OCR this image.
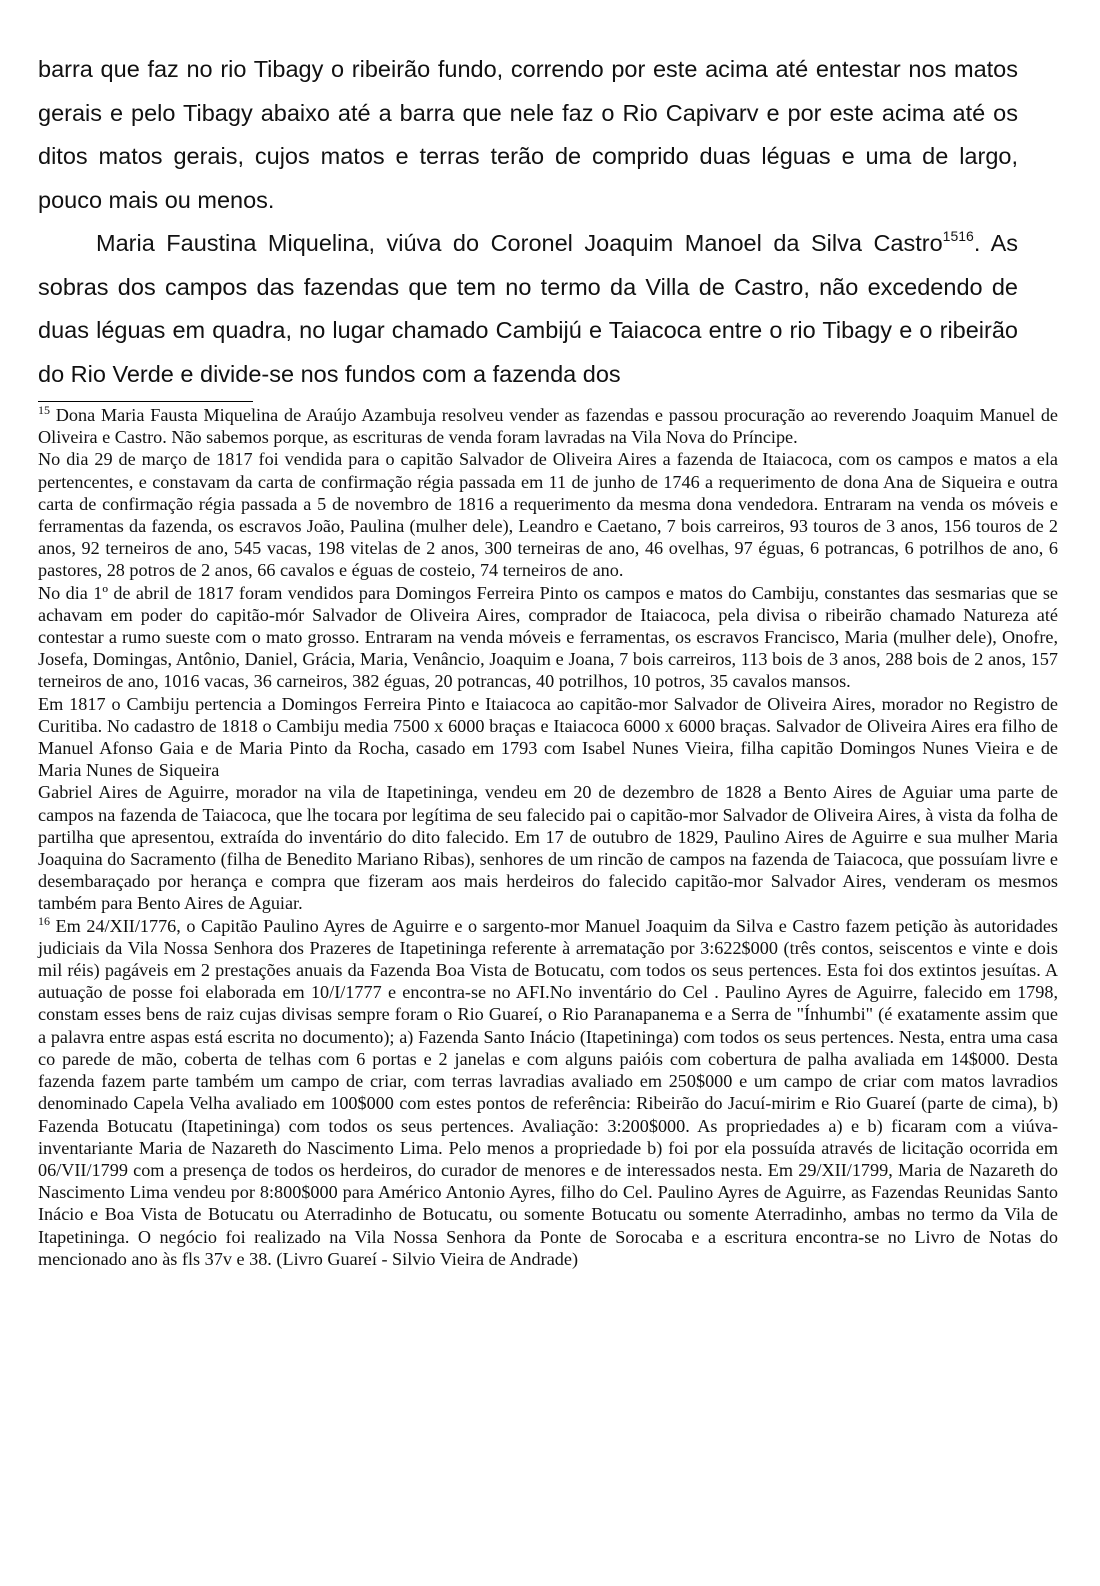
barra que faz no rio Tibagy o ribeirão fundo, correndo por este acima até entestar nos matos gerais e pelo Tibagy abaixo até a barra que nele faz o Rio Capivarv e por este acima até os ditos matos gerais, cujos matos e terras terão de comprido duas léguas e uma de largo, pouco mais ou menos.

Maria Faustina Miquelina, viúva do Coronel Joaquim Manoel da Silva Castro$^{1516}$. As sobras dos campos das fazendas que tem no termo da Villa de Castro, não excedendo de duas léguas em quadra, no lugar chamado Cambijú e Taiacoca entre o rio Tibagy e o ribeirão do Rio Verde e divide-se nos fundos com a fazenda dos

$^{15}$ Dona Maria Fausta Miquelina de Araújo Azambuja resolveu vender as fazendas e passou procuração ao reverendo Joaquim Manuel de Oliveira e Castro. Não sabemos porque, as escrituras de venda foram lavradas na Vila Nova do Príncipe.

No dia 29 de março de 1817 foi vendida para o capitão Salvador de Oliveira Aires a fazenda de Itaiacoca, com os campos e matos a ela pertencentes, e constavam da carta de confirmação régia passada em 11 de junho de 1746 a requerimento de dona Ana de Siqueira e outra carta de confirmação régia passada a 5 de novembro de 1816 a requerimento da mesma dona vendedora. Entraram na venda os móveis e ferramentas da fazenda, os escravos João, Paulina (mulher dele), Leandro e Caetano, 7 bois carreiros, 93 touros de 3 anos, 156 touros de 2 anos, 92 terneiros de ano, 545 vacas, 198 vitelas de 2 anos, 300 terneiras de ano, 46 ovelhas, 97 éguas, 6 potrancas, 6 potrilhos de ano, 6 pastores, 28 potros de 2 anos, 66 cavalos e éguas de costeio, 74 terneiros de ano.

No dia 1º de abril de 1817 foram vendidos para Domingos Ferreira Pinto os campos e matos do Cambiju, constantes das sesmarias que se achavam em poder do capitão-mór Salvador de Oliveira Aires, comprador de Itaiacoca, pela divisa o ribeirão chamado Natureza até contestar a rumo sueste com o mato grosso. Entraram na venda móveis e ferramentas, os escravos Francisco, Maria (mulher dele), Onofre, Josefa, Domingas, Antônio, Daniel, Grácia, Maria, Venâncio, Joaquim e Joana, 7 bois carreiros, 113 bois de 3 anos, 288 bois de 2 anos, 157 terneiros de ano, 1016 vacas, 36 carneiros, 382 éguas, 20 potrancas, 40 potrilhos, 10 potros, 35 cavalos mansos.

Em 1817 o Cambiju pertencia a Domingos Ferreira Pinto e Itaiacoca ao capitão-mor Salvador de Oliveira Aires, morador no Registro de Curitiba. No cadastro de 1818 o Cambiju media 7500 x 6000 braças e Itaiacoca 6000 x 6000 braças. Salvador de Oliveira Aires era filho de Manuel Afonso Gaia e de Maria Pinto da Rocha, casado em 1793 com Isabel Nunes Vieira, filha capitão Domingos Nunes Vieira e de Maria Nunes de Siqueira

Gabriel Aires de Aguirre, morador na vila de Itapetininga, vendeu em 20 de dezembro de 1828 a Bento Aires de Aguiar uma parte de campos na fazenda de Taiacoca, que lhe tocara por legítima de seu falecido pai o capitão-mor Salvador de Oliveira Aires, à vista da folha de partilha que apresentou, extraída do inventário do dito falecido. Em 17 de outubro de 1829, Paulino Aires de Aguirre e sua mulher Maria Joaquina do Sacramento (filha de Benedito Mariano Ribas), senhores de um rincão de campos na fazenda de Taiacoca, que possuíam livre e desembaraçado por herança e compra que fizeram aos mais herdeiros do falecido capitão-mor Salvador Aires, venderam os mesmos também para Bento Aires de Aguiar.

$^{16}$ Em 24/XII/1776, o Capitão Paulino Ayres de Aguirre e o sargento-mor Manuel Joaquim da Silva e Castro fazem petição às autoridades judiciais da Vila Nossa Senhora dos Prazeres de Itapetininga referente à arrematação por 3:622$000 (três contos, seiscentos e vinte e dois mil réis) pagáveis em 2 prestações anuais da Fazenda Boa Vista de Botucatu, com todos os seus pertences. Esta foi dos extintos jesuítas. A autuação de posse foi elaborada em 10/I/1777 e encontra-se no AFI.No inventário do Cel . Paulino Ayres de Aguirre, falecido em 1798, constam esses bens de raiz cujas divisas sempre foram o Rio Guareí, o Rio Paranapanema e a Serra de "Ínhumbi" (é exatamente assim que a palavra entre aspas está escrita no documento); a) Fazenda Santo Inácio (Itapetininga) com todos os seus pertences. Nesta, entra uma casa co parede de mão, coberta de telhas com 6 portas e 2 janelas e com alguns paióis com cobertura de palha avaliada em 14$000. Desta fazenda fazem parte também um campo de criar, com terras lavradias avaliado em 250$000 e um campo de criar com matos lavradios denominado Capela Velha avaliado em 100$000 com estes pontos de referência: Ribeirão do Jacuí-mirim e Rio Guareí (parte de cima), b) Fazenda Botucatu (Itapetininga) com todos os seus pertences. Avaliação: 3:200$000. As propriedades a) e b) ficaram com a viúva-inventariante Maria de Nazareth do Nascimento Lima. Pelo menos a propriedade b) foi por ela possuída através de licitação ocorrida em 06/VII/1799 com a presença de todos os herdeiros, do curador de menores e de interessados nesta. Em 29/XII/1799, Maria de Nazareth do Nascimento Lima vendeu por 8:800$000 para Américo Antonio Ayres, filho do Cel. Paulino Ayres de Aguirre, as Fazendas Reunidas Santo Inácio e Boa Vista de Botucatu ou Aterradinho de Botucatu, ou somente Botucatu ou somente Aterradinho, ambas no termo da Vila de Itapetininga. O negócio foi realizado na Vila Nossa Senhora da Ponte de Sorocaba e a escritura encontra-se no Livro de Notas do mencionado ano às fls 37v e 38. (Livro Guareí - Silvio Vieira de Andrade)
